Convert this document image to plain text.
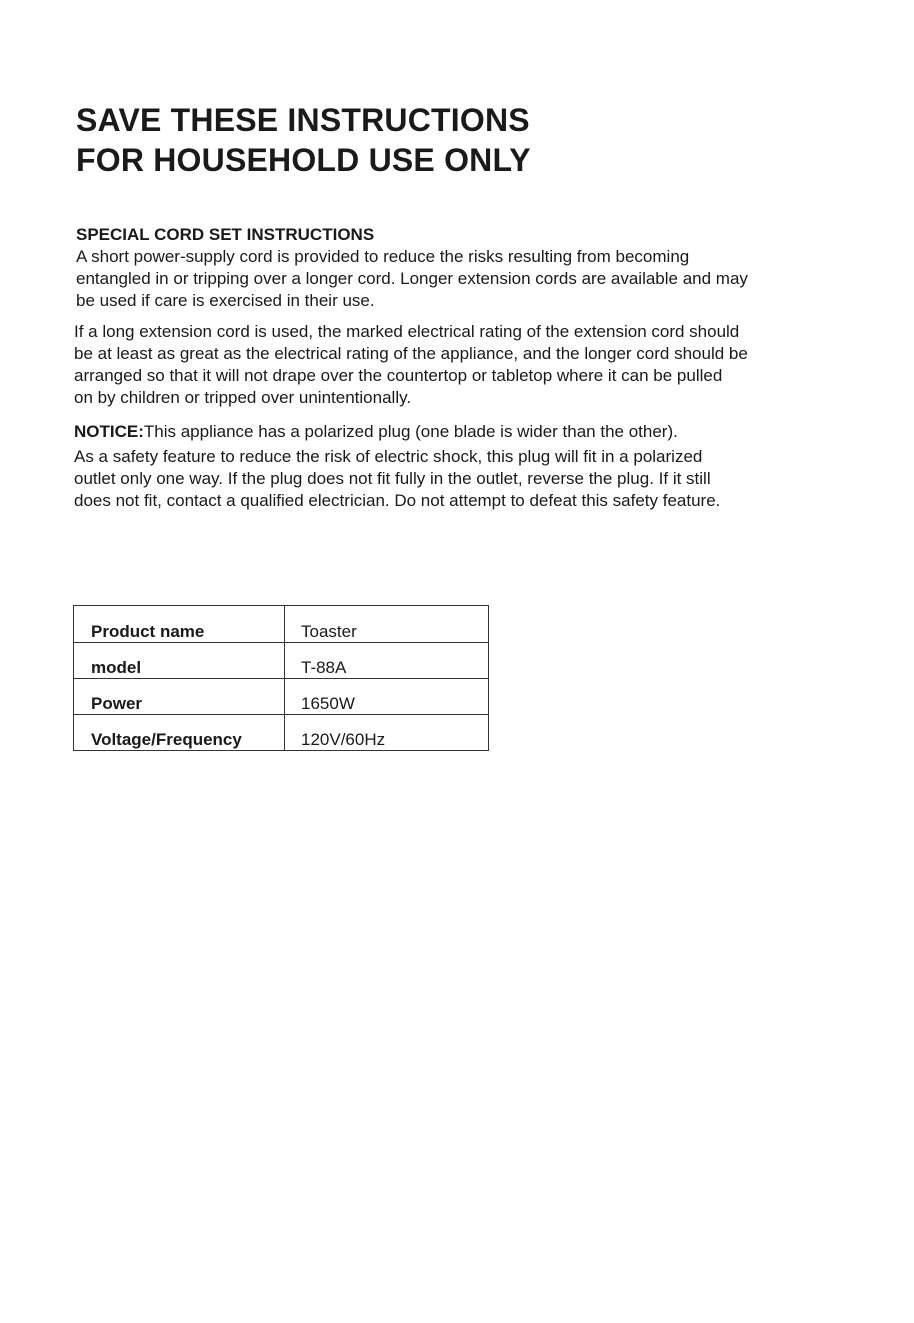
SAVE THESE INSTRUCTIONS
FOR HOUSEHOLD USE ONLY

SPECIAL CORD SET INSTRUCTIONS

A short power-supply cord is provided to reduce the risks resulting from becoming
entangled in or tripping over a longer cord. Longer extension cords are available and may
be used if care is exercised in their use.

If a long extension cord is used, the marked electrical rating of the extension cord should
be at least as great as the electrical rating of the appliance, and the longer cord should be
arranged so that it will not drape over the countertop or tabletop where it can be pulled
on by children or tripped over unintentionally.

NOTICE:This appliance has a polarized plug (one blade is wider than the other).

As a safety feature to reduce the risk of electric shock, this plug will fit in a polarized
outlet only one way. If the plug does not fit fully in the outlet, reverse the plug. If it still
does not fit, contact a qualified electrician. Do not attempt to defeat this safety feature.

Product name	Toaster
model	T-88A
Power	1650W
Voltage/Frequency	120V/60Hz
